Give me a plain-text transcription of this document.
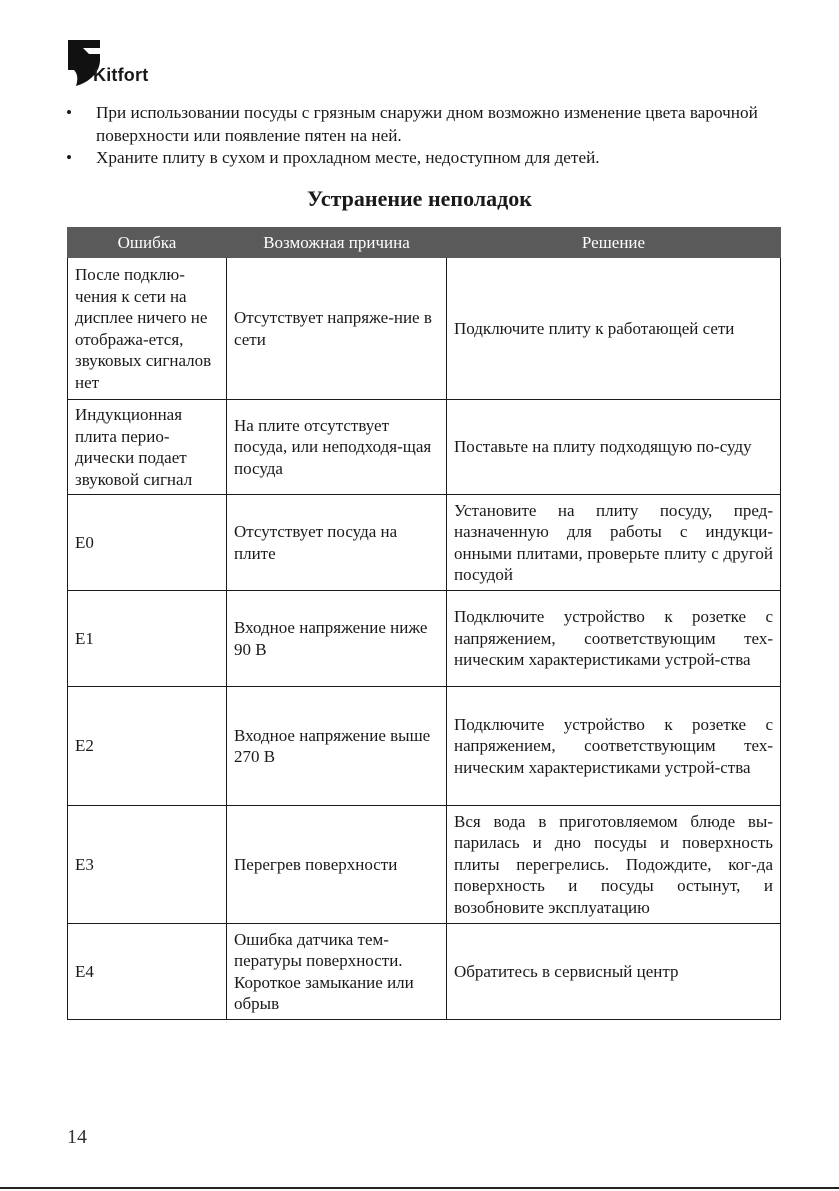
Kitfort
• При использовании посуды с грязным снаружи дном возможно изменение цвета варочной поверхности или появление пятен на ней.
• Храните плиту в сухом и прохладном месте, недоступном для детей.
Устранение неполадок
Ошибка	Возможная причина	Решение
После подклю-чения к сети на дисплее ничего не отобража-ется, звуковых сигналов нет	Отсутствует напряже-ние в сети	Подключите плиту к работающей сети
Индукционная плита перио-дически подает звуковой сигнал	На плите отсутствует посуда, или неподходя-щая посуда	Поставьте на плиту подходящую по-суду
E0	Отсутствует посуда на плите	Установите на плиту посуду, пред-назначенную для работы с индукци-онными плитами, проверьте плиту с другой посудой
E1	Входное напряжение ниже 90 В	Подключите устройство к розетке с напряжением, соответствующим тех-ническим характеристиками устрой-ства
E2	Входное напряжение выше 270 В	Подключите устройство к розетке с напряжением, соответствующим тех-ническим характеристиками устрой-ства
E3	Перегрев поверхности	Вся вода в приготовляемом блюде вы-парилась и дно посуды и поверхность плиты перегрелись. Подождите, ког-да поверхность и посуды остынут, и возобновите эксплуатацию
E4	Ошибка датчика тем-пературы поверхности. Короткое замыкание или обрыв	Обратитесь в сервисный центр
14
